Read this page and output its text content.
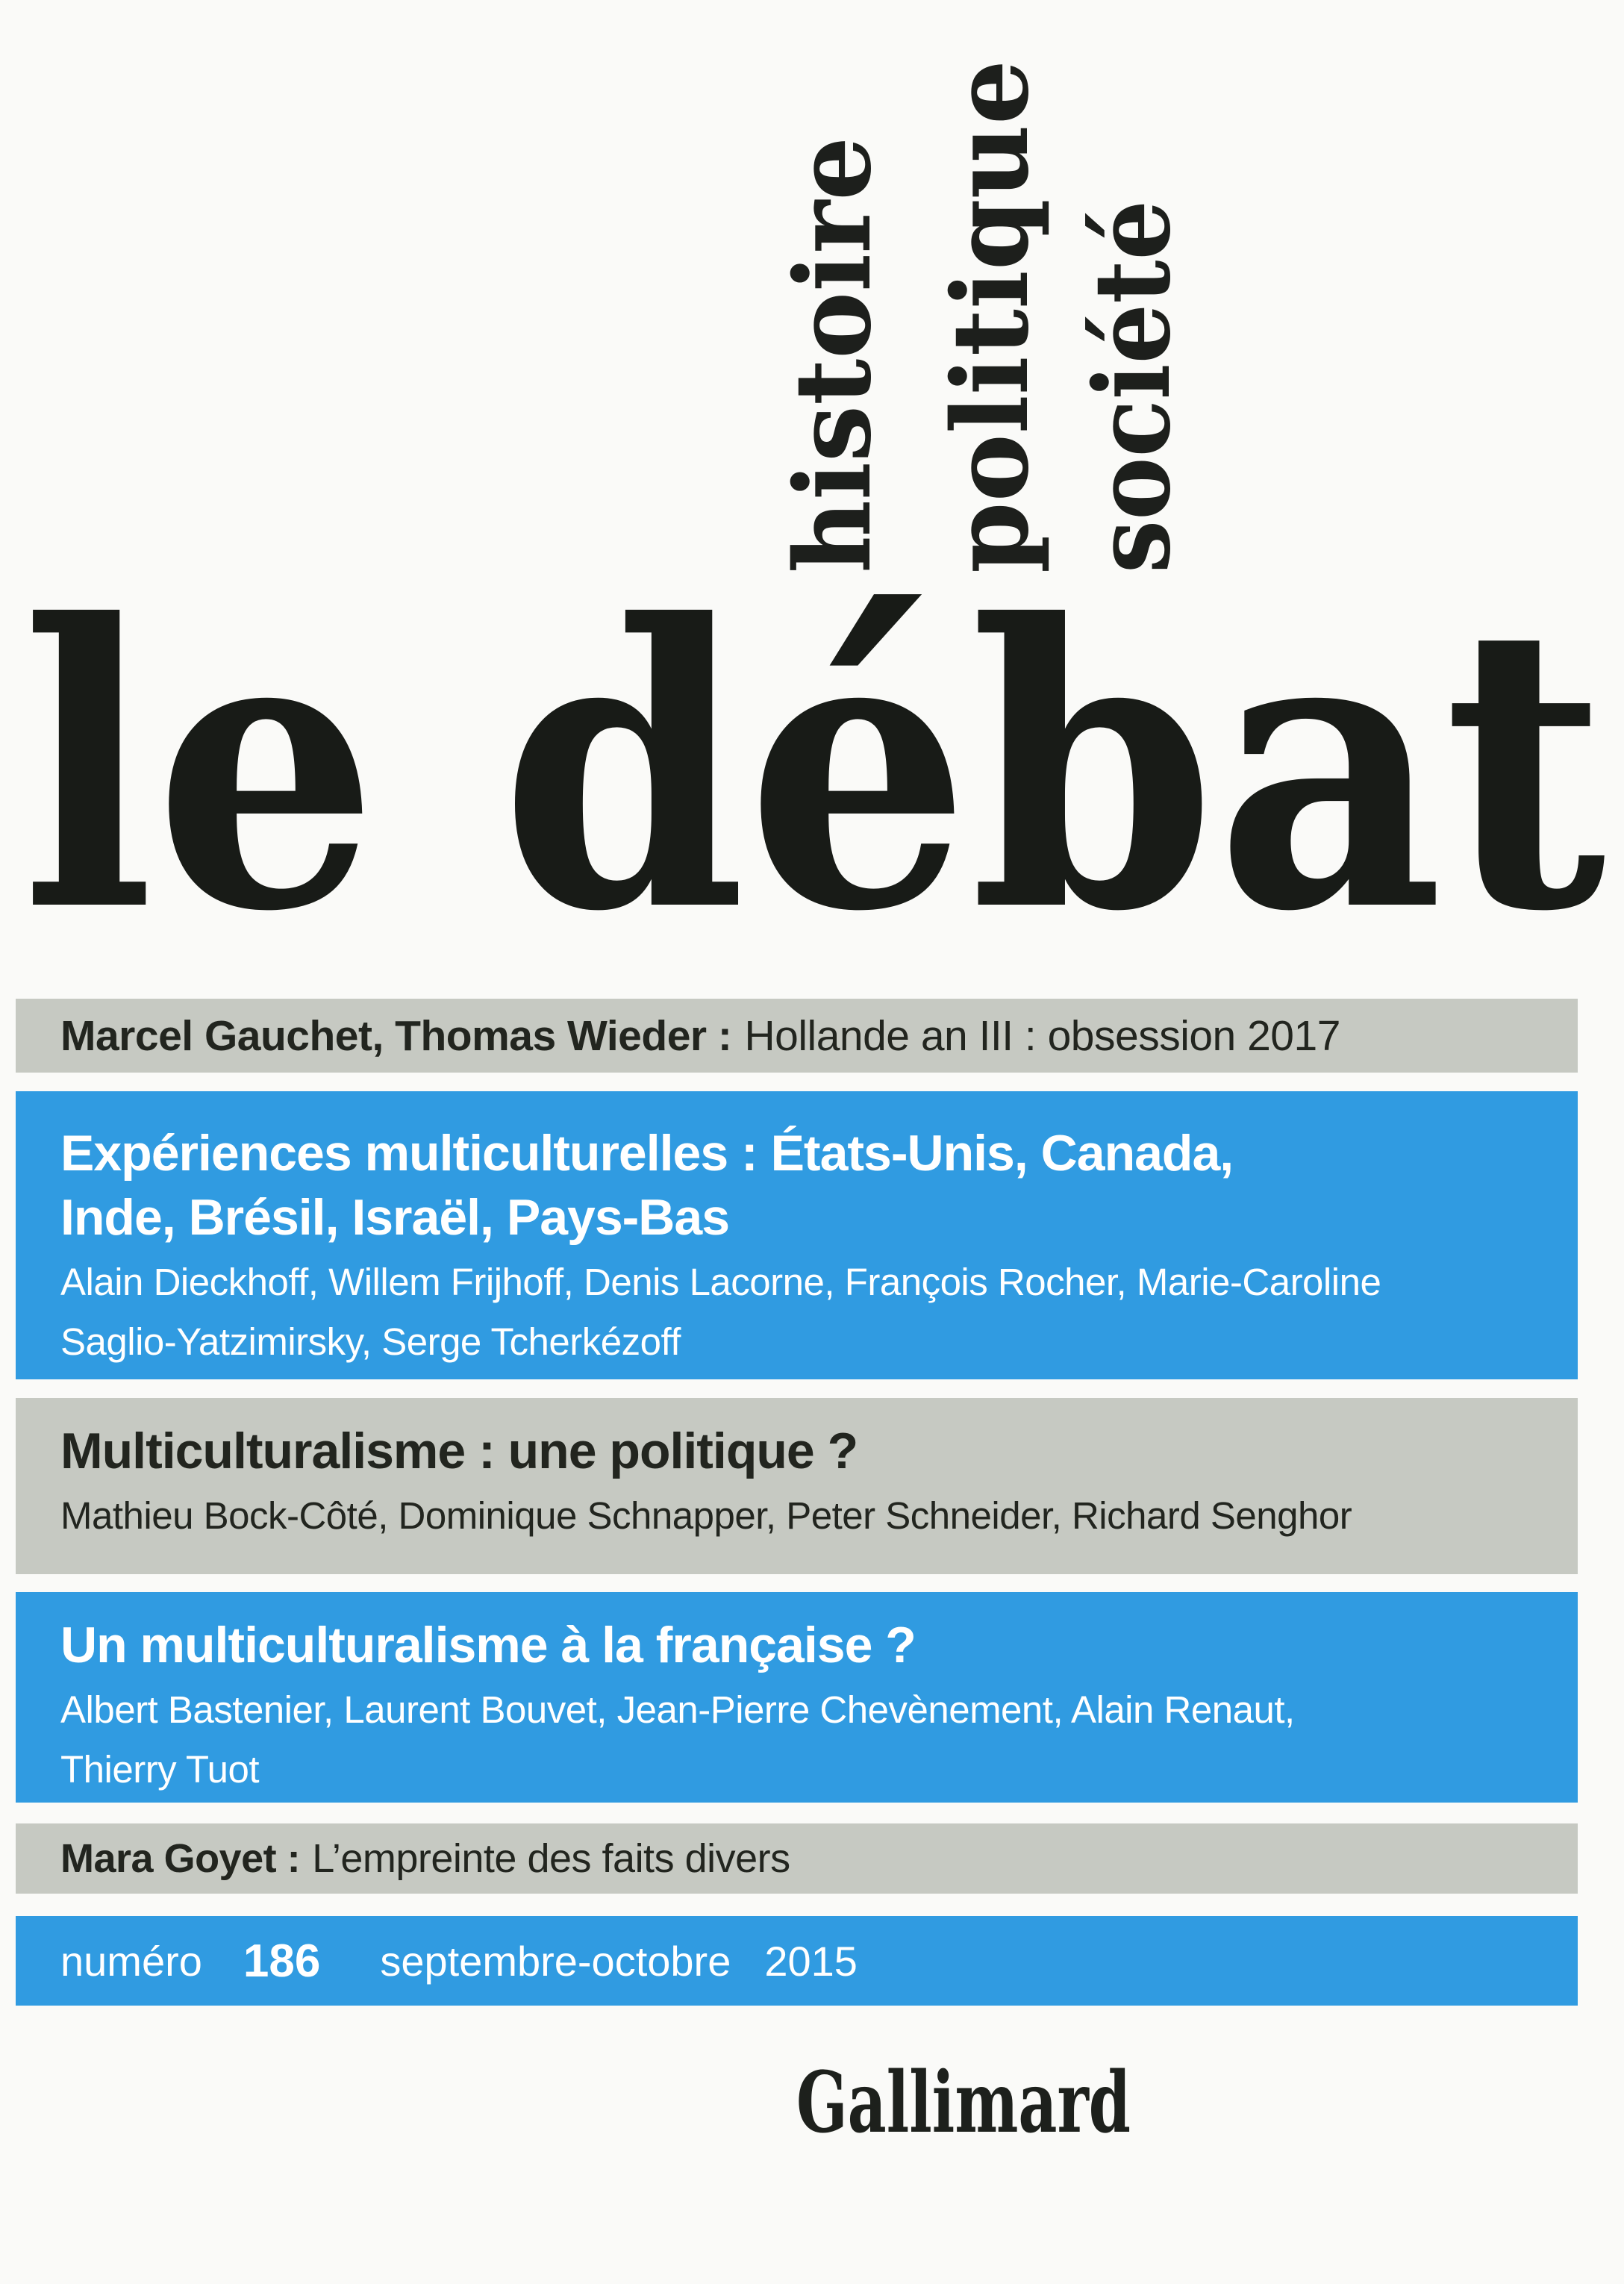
histoire politique société
le débat
Gallimard
Marcel Gauchet, Thomas Wieder : Hollande an III : obsession 2017
Expériences multiculturelles : États-Unis, Canada,
Inde, Brésil, Israël, Pays-Bas
Alain Dieckhoff, Willem Frijhoff, Denis Lacorne, François Rocher, Marie-Caroline
Saglio-Yatzimirsky, Serge Tcherkézoff
Multiculturalisme : une politique ?
Mathieu Bock-Côté, Dominique Schnapper, Peter Schneider, Richard Senghor
Un multiculturalisme à la française ?
Albert Bastenier, Laurent Bouvet, Jean-Pierre Chevènement, Alain Renaut,
Thierry Tuot
Mara Goyet : L’empreinte des faits divers
numéro 186 septembre-octobre 2015
